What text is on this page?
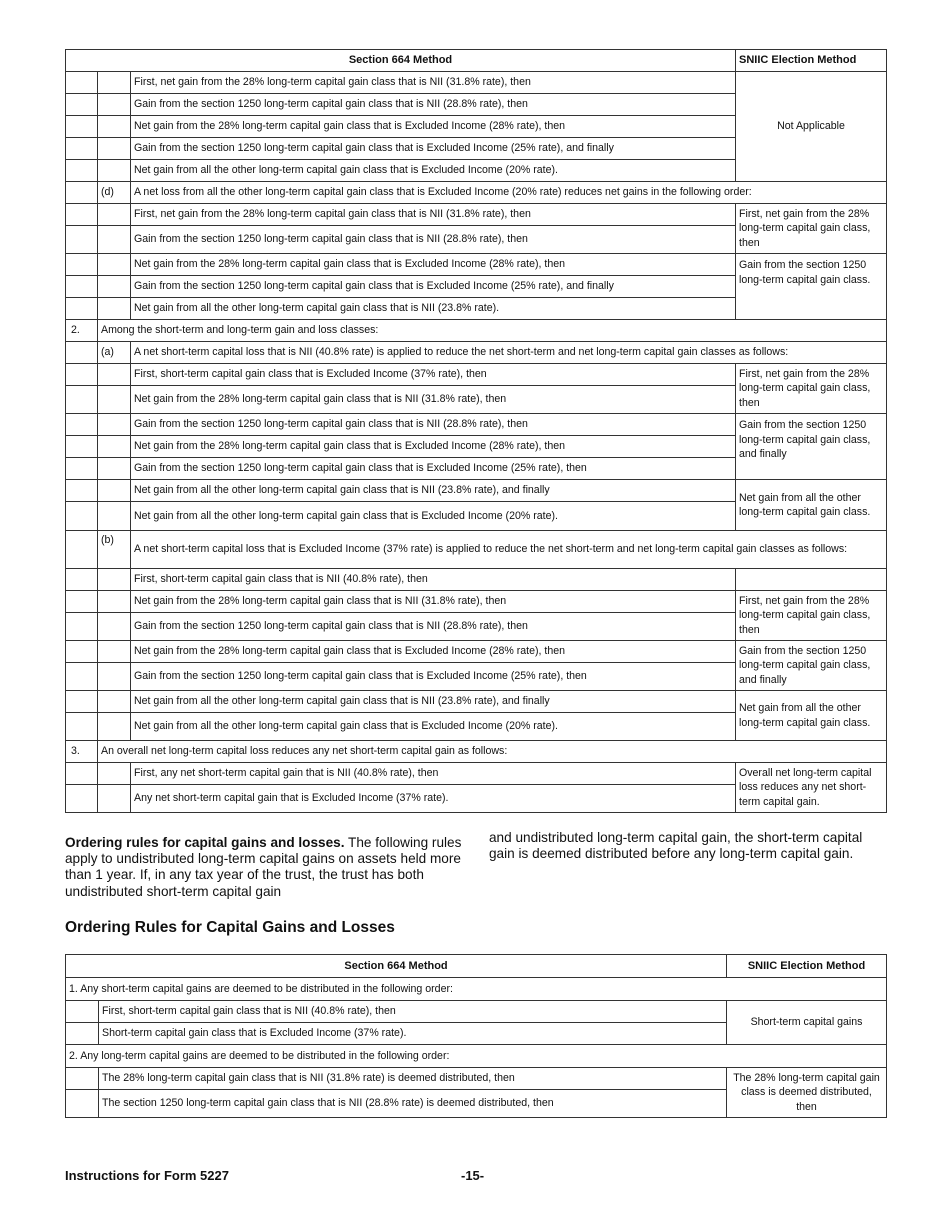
Section 664 Method			SNIIC Election Method
		First, net gain from the 28% long-term capital gain class that is NII (31.8% rate), then	Not Applicable
		Gain from the section 1250 long-term capital gain class that is NII (28.8% rate), then	
		Net gain from the 28% long-term capital gain class that is Excluded Income (28% rate), then	
		Gain from the section 1250 long-term capital gain class that is Excluded Income (25% rate), and finally	
		Net gain from all the other long-term capital gain class that is Excluded Income (20% rate).	
	(d)	A net loss from all the other long-term capital gain class that is Excluded Income (20% rate) reduces net gains in the following order:	
		First, net gain from the 28% long-term capital gain class that is NII (31.8% rate), then	First, net gain from the 28% long-term capital gain class, then
		Gain from the section 1250 long-term capital gain class that is NII (28.8% rate), then	
		Net gain from the 28% long-term capital gain class that is Excluded Income (28% rate), then	Gain from the section 1250 long-term capital gain class.
		Gain from the section 1250 long-term capital gain class that is Excluded Income (25% rate), and finally	
		Net gain from all the other long-term capital gain class that is NII (23.8% rate).	
2.	Among the short-term and long-term gain and loss classes:		
	(a)	A net short-term capital loss that is NII (40.8% rate) is applied to reduce the net short-term and net long-term capital gain classes as follows:	
		First, short-term capital gain class that is Excluded Income (37% rate), then	First, net gain from the 28% long-term capital gain class, then
		Net gain from the 28% long-term capital gain class that is NII (31.8% rate), then	
		Gain from the section 1250 long-term capital gain class that is NII (28.8% rate), then	Gain from the section 1250 long-term capital gain class, and finally
		Net gain from the 28% long-term capital gain class that is Excluded Income (28% rate), then	
		Gain from the section 1250 long-term capital gain class that is Excluded Income (25% rate), then	
		Net gain from all the other long-term capital gain class that is NII (23.8% rate), and finally	Net gain from all the other long-term capital gain class.
		Net gain from all the other long-term capital gain class that is Excluded Income (20% rate).	
	(b)	A net short-term capital loss that is Excluded Income (37% rate) is applied to reduce the net short-term and net long-term capital gain classes as follows:	
		First, short-term capital gain class that is NII (40.8% rate), then	
		Net gain from the 28% long-term capital gain class that is NII (31.8% rate), then	First, net gain from the 28% long-term capital gain class, then
		Gain from the section 1250 long-term capital gain class that is NII (28.8% rate), then	
		Net gain from the 28% long-term capital gain class that is Excluded Income (28% rate), then	Gain from the section 1250 long-term capital gain class, and finally
		Gain from the section 1250 long-term capital gain class that is Excluded Income (25% rate), then	
		Net gain from all the other long-term capital gain class that is NII (23.8% rate), and finally	Net gain from all the other long-term capital gain class.
		Net gain from all the other long-term capital gain class that is Excluded Income (20% rate).	
3.	An overall net long-term capital loss reduces any net short-term capital gain as follows:		
		First, any net short-term capital gain that is NII (40.8% rate), then	Overall net long-term capital loss reduces any net short-term capital gain.
		Any net short-term capital gain that is Excluded Income (37% rate).	
Ordering rules for capital gains and losses. The following rules apply to undistributed long-term capital gains on assets held more than 1 year. If, in any tax year of the trust, the trust has both undistributed short-term capital gain
and undistributed long-term capital gain, the short-term capital gain is deemed distributed before any long-term capital gain.
Ordering Rules for Capital Gains and Losses
Section 664 Method		SNIIC Election Method
1. Any short-term capital gains are deemed to be distributed in the following order:		
	First, short-term capital gain class that is NII (40.8% rate), then	Short-term capital gains
	Short-term capital gain class that is Excluded Income (37% rate).	
2. Any long-term capital gains are deemed to be distributed in the following order:		
	The 28% long-term capital gain class that is NII (31.8% rate) is deemed distributed, then	The 28% long-term capital gain class is deemed distributed, then
	The section 1250 long-term capital gain class that is NII (28.8% rate) is deemed distributed, then	
Instructions for Form 5227	-15-
